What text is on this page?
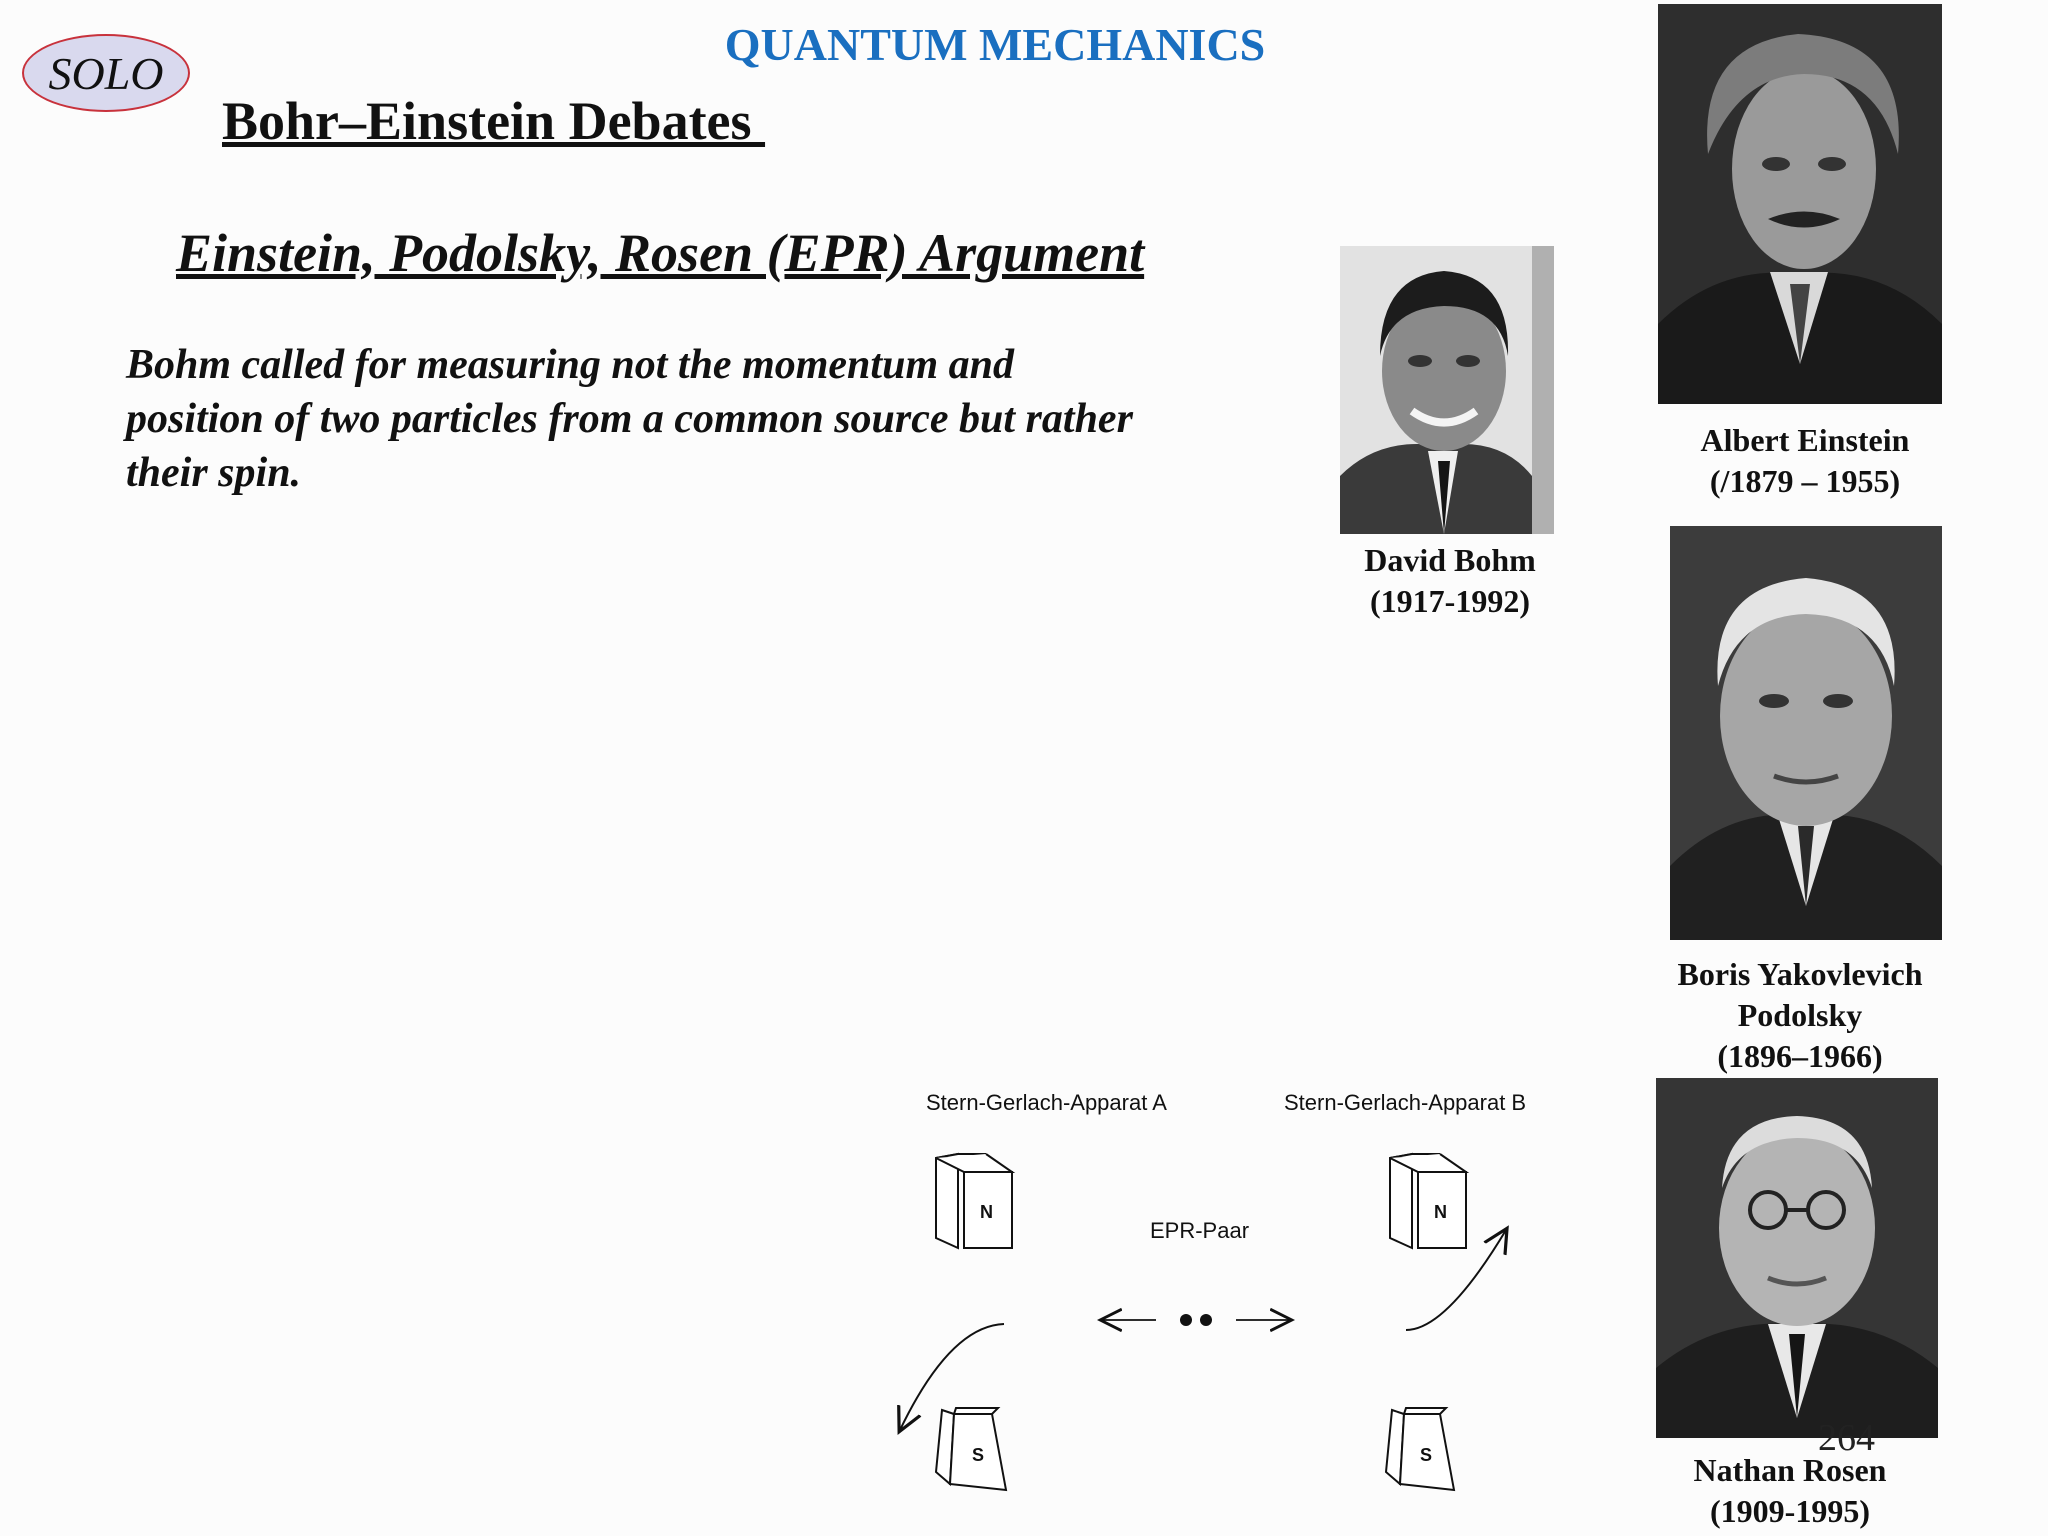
SOLO
QUANTUM MECHANICS
Bohr–Einstein Debates
Einstein, Podolsky, Rosen (EPR) Argument
Bohm called for measuring not the momentum and position of two particles from a common source but rather their spin.
David Bohm
(1917-1992)
Albert Einstein
(/1879 – 1955)
Boris Yakovlevich
Podolsky
(1896–1966)
Nathan Rosen
(1909-1995)
264
Stern-Gerlach-Apparat A	Stern-Gerlach-Apparat B
N	N
EPR-Paar
S	S
